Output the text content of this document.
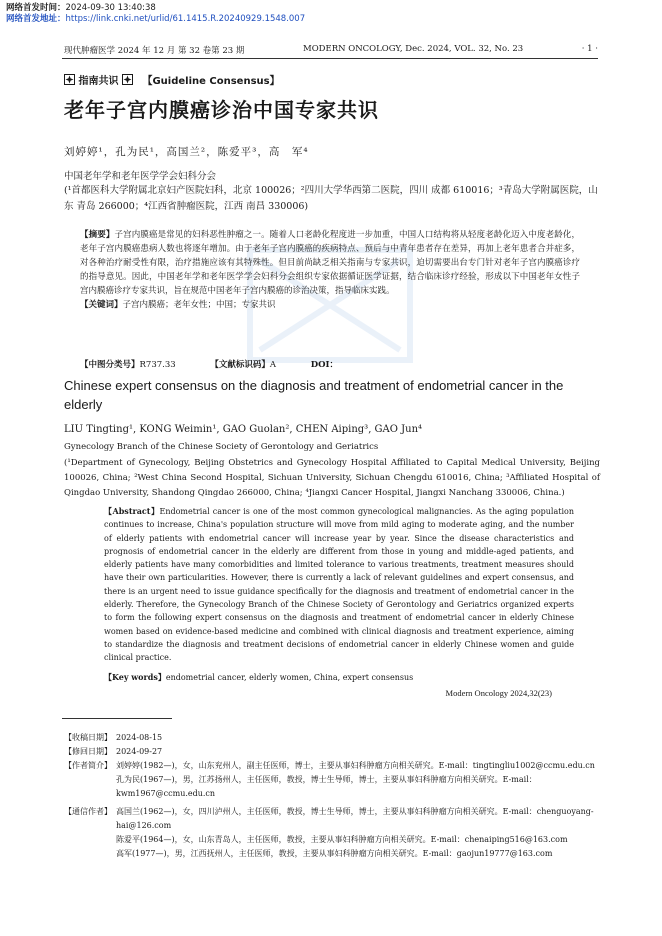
网络首发时间：2024-09-30 13:40:38
网络首发地址：https://link.cnki.net/urlid/61.1415.R.20240929.1548.007
现代肿瘤医学 2024 年 12 月 第 32 卷第 23 期	MODERN ONCOLOGY, Dec. 2024, VOL. 32, No. 23	· 1 ·
指南共识 【Guideline Consensus】
老年子宫内膜癌诊治中国专家共识
刘婷婷¹，孔为民¹，高国兰²，陈爱平³，高　军⁴
中国老年学和老年医学学会妇科分会
(¹首都医科大学附属北京妇产医院妇科，北京 100026；²四川大学华西第二医院，四川 成都 610016；³青岛大学附属医院，山东 青岛 266000；⁴江西省肿瘤医院，江西 南昌 330006)
【摘要】子宫内膜癌是常见的妇科恶性肿瘤之一。随着人口老龄化程度进一步加重，中国人口结构将从轻度老龄化迈入中度老龄化，老年子宫内膜癌患病人数也将逐年增加。由于老年子宫内膜癌的疾病特点、预后与中青年患者存在差异，再加上老年患者合并症多，对各种治疗耐受性有限，治疗措施应该有其特殊性。但目前尚缺乏相关指南与专家共识，迫切需要出台专门针对老年子宫内膜癌诊疗的指导意见。因此，中国老年学和老年医学学会妇科分会组织专家依据循证医学证据，结合临床诊疗经验，形成以下中国老年女性子宫内膜癌诊疗专家共识，旨在规范中国老年子宫内膜癌的诊治决策，指导临床实践。
【关键词】子宫内膜癌；老年女性；中国；专家共识
【中图分类号】R737.33	【文献标识码】A	DOI：
Chinese expert consensus on the diagnosis and treatment of endometrial cancer in the elderly
LIU Tingting¹, KONG Weimin¹, GAO Guolan², CHEN Aiping³, GAO Jun⁴
Gynecology Branch of the Chinese Society of Gerontology and Geriatrics
(¹Department of Gynecology, Beijing Obstetrics and Gynecology Hospital Affiliated to Capital Medical University, Beijing 100026, China; ²West China Second Hospital, Sichuan University, Sichuan Chengdu 610016, China; ³Affiliated Hospital of Qingdao University, Shandong Qingdao 266000, China; ⁴Jiangxi Cancer Hospital, Jiangxi Nanchang 330006, China.)
【Abstract】Endometrial cancer is one of the most common gynecological malignancies. As the aging population continues to increase, China's population structure will move from mild aging to moderate aging, and the number of elderly patients with endometrial cancer will increase year by year. Since the disease characteristics and prognosis of endometrial cancer in the elderly are different from those in young and middle-aged patients, and elderly patients have many comorbidities and limited tolerance to various treatments, treatment measures should have their own particularities. However, there is currently a lack of relevant guidelines and expert consensus, and there is an urgent need to issue guidance specifically for the diagnosis and treatment of endometrial cancer in the elderly. Therefore, the Gynecology Branch of the Chinese Society of Gerontology and Geriatrics organized experts to form the following expert consensus on the diagnosis and treatment of endometrial cancer in elderly Chinese women based on evidence-based medicine and combined with clinical diagnosis and treatment experience, aiming to standardize the diagnosis and treatment decisions of endometrial cancer in elderly Chinese women and guide clinical practice.
【Key words】endometrial cancer, elderly women, China, expert consensus
Modern Oncology 2024,32(23)
【收稿日期】 2024-08-15
【修回日期】 2024-09-27
【作者简介】 刘婷婷(1982—)，女，山东兖州人，副主任医师，博士，主要从事妇科肿瘤方向相关研究。E-mail：tingtingliu1002@ccmu.edu.cn
孔为民(1967—)，男，江苏扬州人，主任医师，教授，博士生导师，博士，主要从事妇科肿瘤方向相关研究。E-mail：kwm1967@ccmu.edu.cn
【通信作者】 高国兰(1962—)，女，四川泸州人，主任医师，教授，博士生导师，博士，主要从事妇科肿瘤方向相关研究。E-mail：chenguoyang-hai@126.com
陈爱平(1964—)，女，山东青岛人，主任医师，教授，主要从事妇科肿瘤方向相关研究。E-mail：chenaiping516@163.com
高军(1977—)，男，江西抚州人，主任医师，教授，主要从事妇科肿瘤方向相关研究。E-mail：gaojun19777@163.com
